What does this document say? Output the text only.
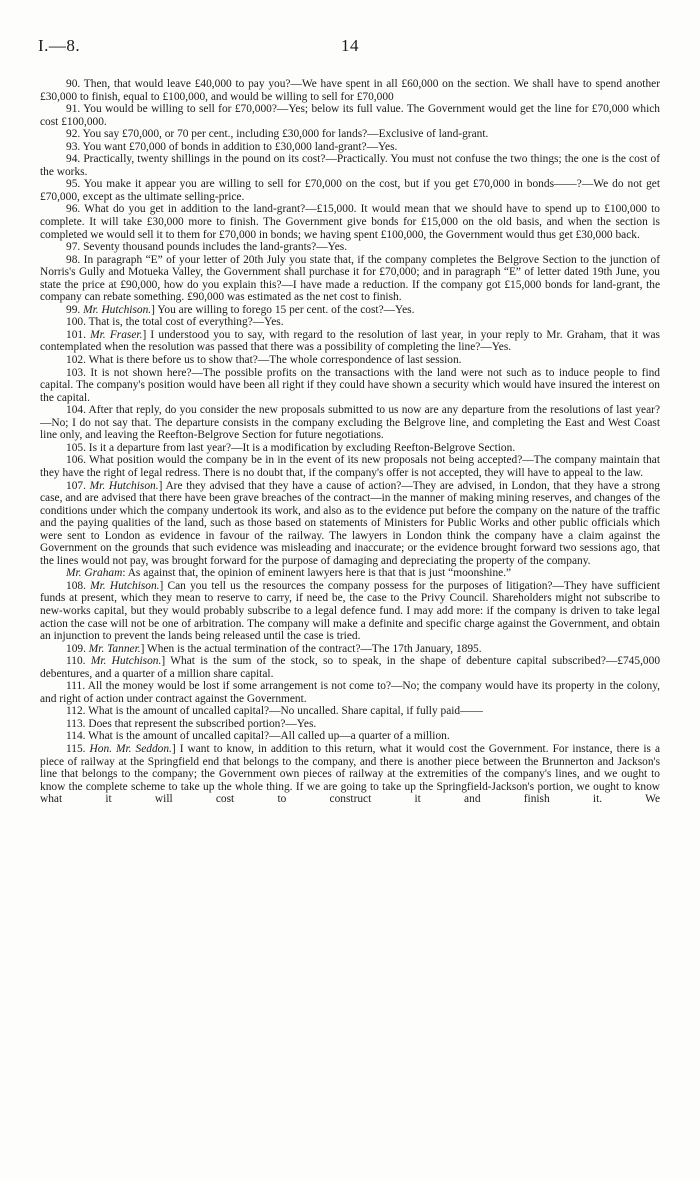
I.—8.	14

90. Then, that would leave £40,000 to pay you?—We have spent in all £60,000 on the section. We shall have to spend another £30,000 to finish, equal to £100,000, and would be willing to sell for £70,000

91. You would be willing to sell for £70,000?—Yes; below its full value. The Government would get the line for £70,000 which cost £100,000.

92. You say £70,000, or 70 per cent., including £30,000 for lands?—Exclusive of land-grant.

93. You want £70,000 of bonds in addition to £30,000 land-grant?—Yes.

94. Practically, twenty shillings in the pound on its cost?—Practically. You must not confuse the two things; the one is the cost of the works.

95. You make it appear you are willing to sell for £70,000 on the cost, but if you get £70,000 in bonds——?—We do not get £70,000, except as the ultimate selling-price.

96. What do you get in addition to the land-grant?—£15,000. It would mean that we should have to spend up to £100,000 to complete. It will take £30,000 more to finish. The Government give bonds for £15,000 on the old basis, and when the section is completed we would sell it to them for £70,000 in bonds; we having spent £100,000, the Government would thus get £30,000 back.

97. Seventy thousand pounds includes the land-grants?—Yes.

98. In paragraph “E” of your letter of 20th July you state that, if the company completes the Belgrove Section to the junction of Norris's Gully and Motueka Valley, the Government shall purchase it for £70,000; and in paragraph “E” of letter dated 19th June, you state the price at £90,000, how do you explain this?—I have made a reduction. If the company got £15,000 bonds for land-grant, the company can rebate something. £90,000 was estimated as the net cost to finish.

99. Mr. Hutchison.] You are willing to forego 15 per cent. of the cost?—Yes.

100. That is, the total cost of everything?—Yes.

101. Mr. Fraser.] I understood you to say, with regard to the resolution of last year, in your reply to Mr. Graham, that it was contemplated when the resolution was passed that there was a possibility of completing the line?—Yes.

102. What is there before us to show that?—The whole correspondence of last session.

103. It is not shown here?—The possible profits on the transactions with the land were not such as to induce people to find capital. The company's position would have been all right if they could have shown a security which would have insured the interest on the capital.

104. After that reply, do you consider the new proposals submitted to us now are any departure from the resolutions of last year?—No; I do not say that. The departure consists in the company excluding the Belgrove line, and completing the East and West Coast line only, and leaving the Reefton-Belgrove Section for future negotiations.

105. Is it a departure from last year?—It is a modification by excluding Reefton-Belgrove Section.

106. What position would the company be in in the event of its new proposals not being accepted?—The company maintain that they have the right of legal redress. There is no doubt that, if the company's offer is not accepted, they will have to appeal to the law.

107. Mr. Hutchison.] Are they advised that they have a cause of action?—They are advised, in London, that they have a strong case, and are advised that there have been grave breaches of the contract—in the manner of making mining reserves, and changes of the conditions under which the company undertook its work, and also as to the evidence put before the company on the nature of the traffic and the paying qualities of the land, such as those based on statements of Ministers for Public Works and other public officials which were sent to London as evidence in favour of the railway. The lawyers in London think the company have a claim against the Government on the grounds that such evidence was misleading and inaccurate; or the evidence brought forward two sessions ago, that the lines would not pay, was brought forward for the purpose of damaging and depreciating the property of the company.

Mr. Graham: As against that, the opinion of eminent lawyers here is that that is just “moonshine.”

108. Mr. Hutchison.] Can you tell us the resources the company possess for the purposes of litigation?—They have sufficient funds at present, which they mean to reserve to carry, if need be, the case to the Privy Council. Shareholders might not subscribe to new-works capital, but they would probably subscribe to a legal defence fund. I may add more: if the company is driven to take legal action the case will not be one of arbitration. The company will make a definite and specific charge against the Government, and obtain an injunction to prevent the lands being released until the case is tried.

109. Mr. Tanner.] When is the actual termination of the contract?—The 17th January, 1895.

110. Mr. Hutchison.] What is the sum of the stock, so to speak, in the shape of debenture capital subscribed?—£745,000 debentures, and a quarter of a million share capital.

111. All the money would be lost if some arrangement is not come to?—No; the company would have its property in the colony, and right of action under contract against the Government.

112. What is the amount of uncalled capital?—No uncalled. Share capital, if fully paid——

113. Does that represent the subscribed portion?—Yes.

114. What is the amount of uncalled capital?—All called up—a quarter of a million.

115. Hon. Mr. Seddon.] I want to know, in addition to this return, what it would cost the Government. For instance, there is a piece of railway at the Springfield end that belongs to the company, and there is another piece between the Brunnerton and Jackson's line that belongs to the company; the Government own pieces of railway at the extremities of the company's lines, and we ought to know the complete scheme to take up the whole thing. If we are going to take up the Springfield-Jackson's portion, we ought to know what it will cost to construct it and finish it. We
